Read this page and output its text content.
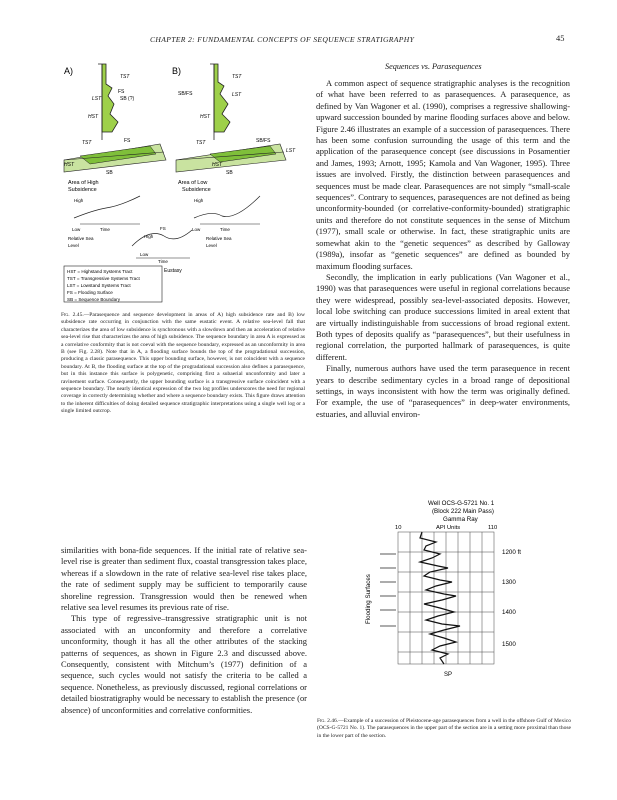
CHAPTER 2: FUNDAMENTAL CONCEPTS OF SEQUENCE STRATIGRAPHY	45
A)	B)
TST
FS
LST	SB (?)
HST
TST
SB/FS	LST
HST
TST	FS
HST
SB
TST	SB/FS
LST
HST
SB
Area of High
Subsidence
Area of Low
Subsidence
High
Low	Time
High
Low	Time
Relative Sea
Level
Relative Sea
Level
FS
High
Low
Time
Eustasy
HST = Highstand Systems Tract
TST = Transgressive Systems Tract
LST = Lowstand Systems Tract
FS = Flooding Surface
SB = Sequence Boundary
Fig. 2.45.—Parasequence and sequence development in areas of A) high subsidence rate and B) low subsidence rate occurring in conjunction with the same eustatic event. A relative sea-level fall that characterizes the area of low subsidence is synchronous with a slowdown and then an acceleration of relative sea-level rise that characterizes the area of high subsidence. The sequence boundary in area A is expressed as a correlative conformity that is not coeval with the sequence boundary, expressed as an unconformity in area B (see Fig. 2.28). Note that in A, a flooding surface bounds the top of the progradational succession, producing a classic parasequence. This upper bounding surface, however, is not coincident with a sequence boundary. At B, the flooding surface at the top of the progradational succession also defines a parasequence, but in this instance this surface is polygenetic, comprising first a subaerial unconformity and later a ravinement surface. Consequently, the upper bounding surface is a transgressive surface coincident with a sequence boundary. The nearly identical expression of the two log profiles underscores the need for regional coverage in correctly determining whether and where a sequence boundary exists. This figure draws attention to the inherent difficulties of doing detailed sequence stratigraphic interpretations using a single well log or a single limited outcrop.

similarities with bona-fide sequences. If the initial rate of relative sea-level rise is greater than sediment flux, coastal transgression takes place, whereas if a slowdown in the rate of relative sea-level rise takes place, the rate of sediment supply may be sufficient to temporarily cause shoreline regression. Transgression would then be renewed when relative sea level resumes its previous rate of rise.

This type of regressive–transgressive stratigraphic unit is not associated with an unconformity and therefore a correlative unconformity, though it has all the other attributes of the stacking patterns of sequences, as shown in Figure 2.3 and discussed above. Consequently, consistent with Mitchum’s (1977) definition of a sequence, such cycles would not satisfy the criteria to be called a sequence. Nonetheless, as previously discussed, regional correlations or detailed biostratigraphy would be necessary to establish the presence (or absence) of unconformities and correlative conformities.

Sequences vs. Parasequences

A common aspect of sequence stratigraphic analyses is the recognition of what have been referred to as parasequences. A parasequence, as defined by Van Wagoner et al. (1990), comprises a regressive shallowing-upward succession bounded by marine flooding surfaces above and below. Figure 2.46 illustrates an example of a succession of parasequences. There has been some confusion surrounding the usage of this term and the application of the parasequence concept (see discussions in Posamentier and James, 1993; Arnott, 1995; Kamola and Van Wagoner, 1995). Three issues are involved. Firstly, the distinction between parasequences and sequences must be made clear. Parasequences are not simply “small-scale sequences”. Contrary to sequences, parasequences are not defined as being unconformity-bounded (or correlative-conformity-bounded) stratigraphic units and therefore do not constitute sequences in the sense of Mitchum (1977), small scale or otherwise. In fact, these stratigraphic units are somewhat akin to the “genetic sequences” as described by Galloway (1989a), insofar as “genetic sequences” are defined as bounded by maximum flooding surfaces.

Secondly, the implication in early publications (Van Wagoner et al., 1990) was that parasequences were useful in regional correlations because they were widespread, possibly sea-level-associated deposits. However, local lobe switching can produce successions limited in areal extent that are virtually indistinguishable from successions of broad regional extent. Both types of deposits qualify as “parasequences”, but their usefulness in regional correlation, the purported hallmark of parasequences, is quite different.

Finally, numerous authors have used the term parasequence in recent years to describe sedimentary cycles in a broad range of depositional settings, in ways inconsistent with how the term was originally defined. For example, the use of “parasequences” in deep-water environments, estuaries, and alluvial environ-

Well OCS-G-5721 No. 1
(Block 222 Main Pass)
Gamma Ray
10	API Units	110
Flooding Surfaces
1200 ft
1300
1400
1500
SP
Fig. 2.46.—Example of a succession of Pleistocene-age parasequences from a well in the offshore Gulf of Mexico (OCS-G-5721 No. 1). The parasequences in the upper part of the section are in a setting more proximal than those in the lower part of the section.
